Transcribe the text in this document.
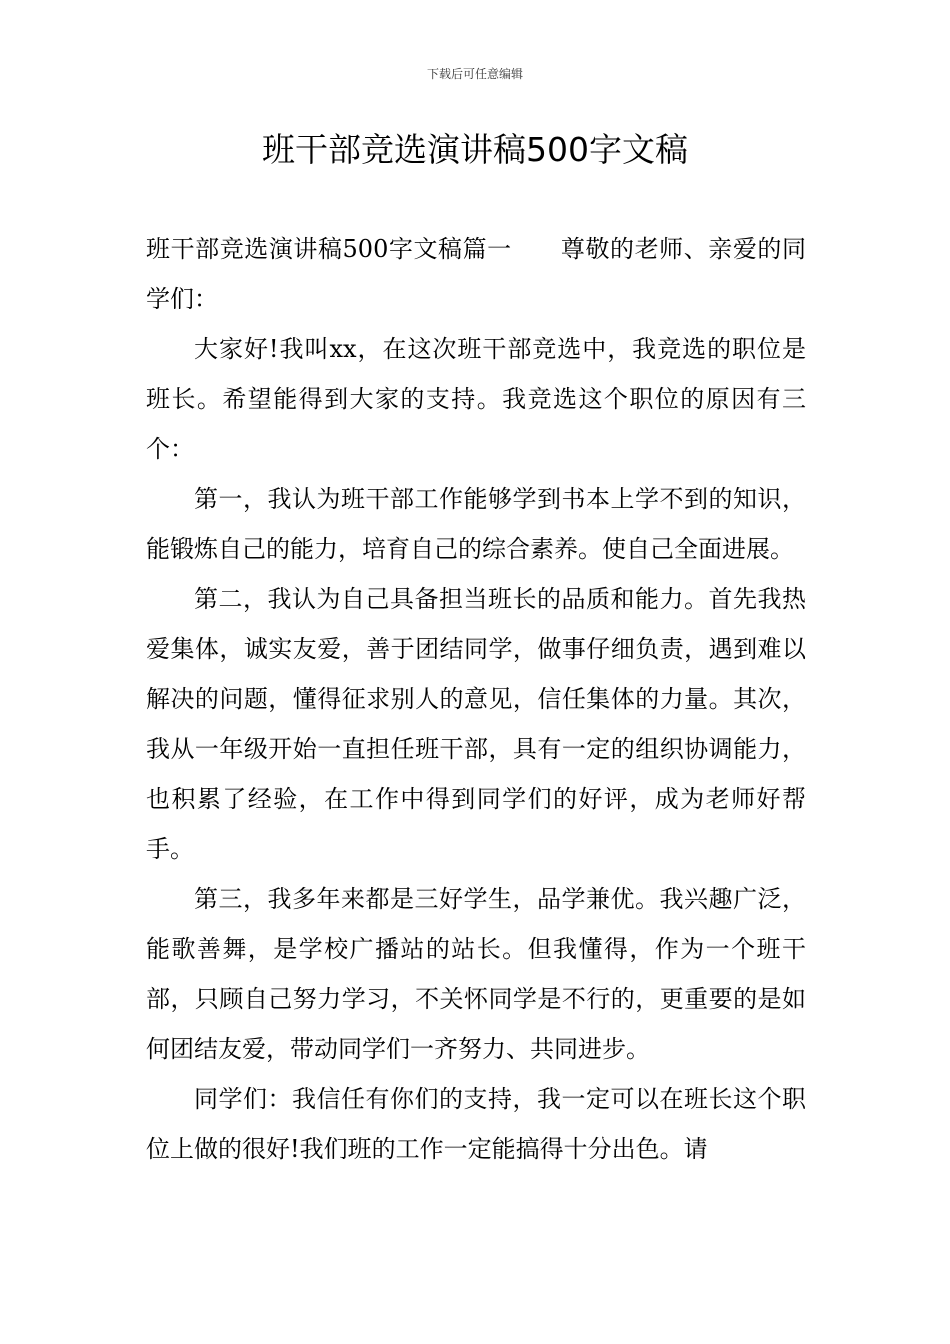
下载后可任意编辑
班干部竞选演讲稿500字文稿

班干部竞选演讲稿500字文稿篇一　　尊敬的老师、亲爱的同学们：

大家好!我叫xx，在这次班干部竞选中，我竞选的职位是班长。希望能得到大家的支持。我竞选这个职位的原因有三个：

第一，我认为班干部工作能够学到书本上学不到的知识，能锻炼自己的能力，培育自己的综合素养。使自己全面进展。

第二，我认为自己具备担当班长的品质和能力。首先我热爱集体，诚实友爱，善于团结同学，做事仔细负责，遇到难以解决的问题，懂得征求别人的意见，信任集体的力量。其次，我从一年级开始一直担任班干部，具有一定的组织协调能力，也积累了经验，在工作中得到同学们的好评，成为老师好帮手。

第三，我多年来都是三好学生，品学兼优。我兴趣广泛，能歌善舞，是学校广播站的站长。但我懂得，作为一个班干部，只顾自己努力学习，不关怀同学是不行的，更重要的是如何团结友爱，带动同学们一齐努力、共同进步。

同学们：我信任有你们的支持，我一定可以在班长这个职位上做的很好!我们班的工作一定能搞得十分出色。请
